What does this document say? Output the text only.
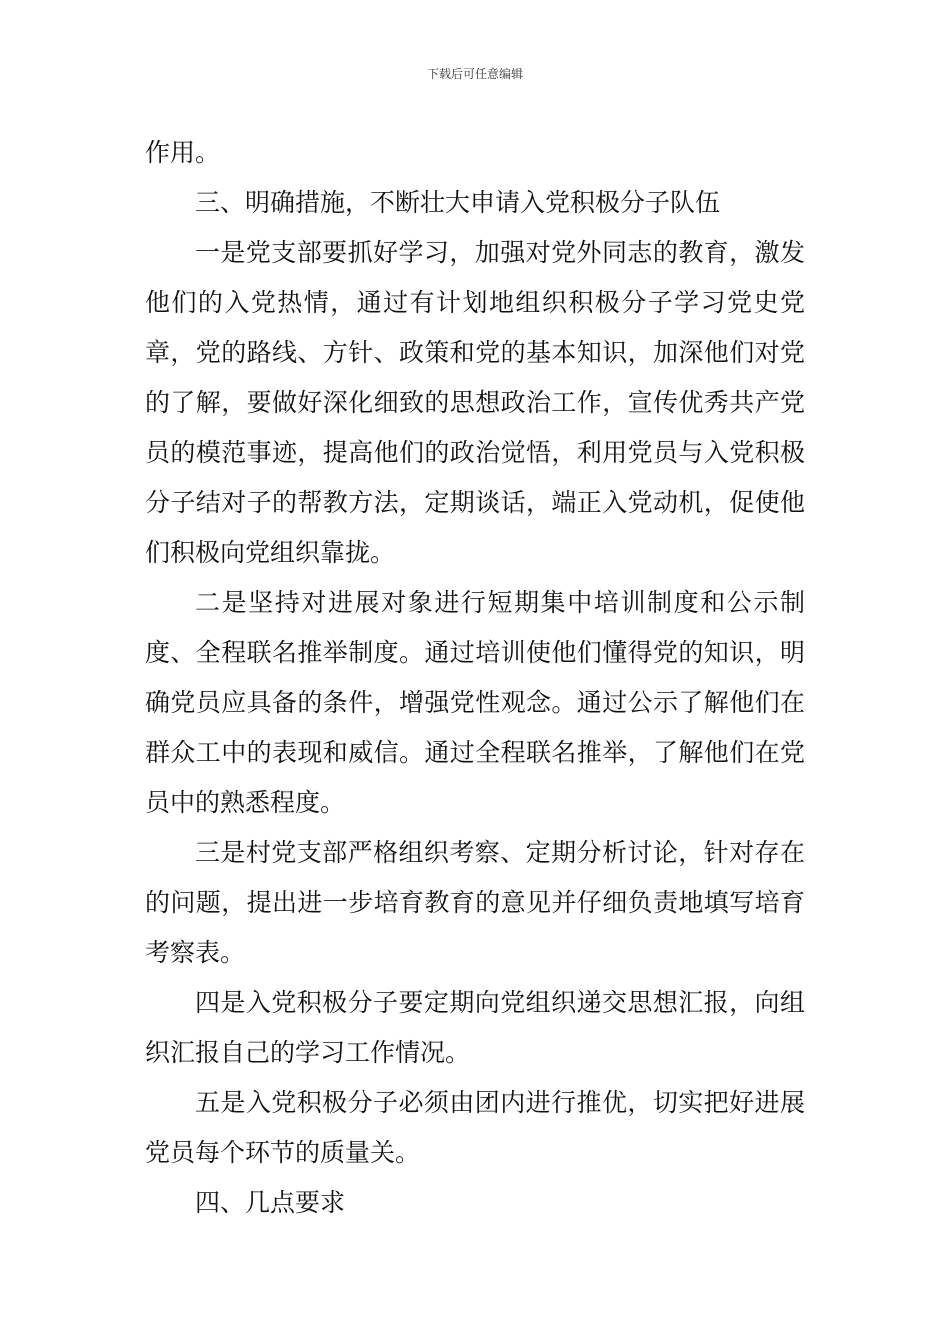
下载后可任意编辑

作用。

三、明确措施，不断壮大申请入党积极分子队伍

一是党支部要抓好学习，加强对党外同志的教育，激发他们的入党热情，通过有计划地组织积极分子学习党史党章，党的路线、方针、政策和党的基本知识，加深他们对党的了解，要做好深化细致的思想政治工作，宣传优秀共产党员的模范事迹，提高他们的政治觉悟，利用党员与入党积极分子结对子的帮教方法，定期谈话，端正入党动机，促使他们积极向党组织靠拢。

二是坚持对进展对象进行短期集中培训制度和公示制度、全程联名推举制度。通过培训使他们懂得党的知识，明确党员应具备的条件，增强党性观念。通过公示了解他们在群众工中的表现和威信。通过全程联名推举，了解他们在党员中的熟悉程度。

三是村党支部严格组织考察、定期分析讨论，针对存在的问题，提出进一步培育教育的意见并仔细负责地填写培育考察表。

四是入党积极分子要定期向党组织递交思想汇报，向组织汇报自己的学习工作情况。

五是入党积极分子必须由团内进行推优，切实把好进展党员每个环节的质量关。

四、几点要求
